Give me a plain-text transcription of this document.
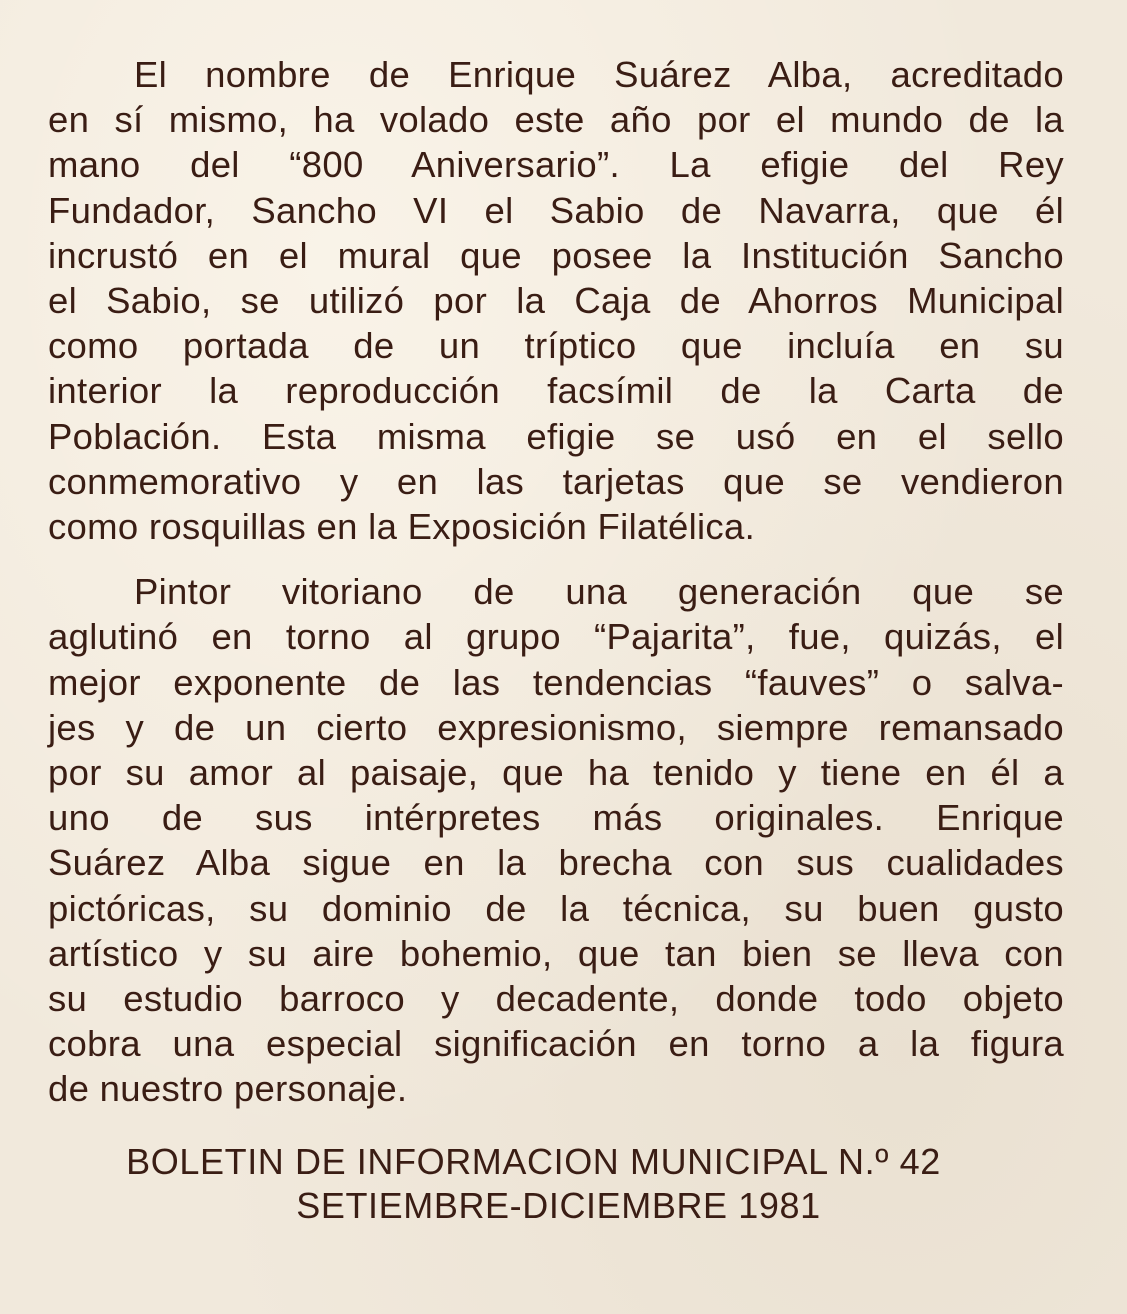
El nombre de Enrique Suárez Alba, acreditado
en sí mismo, ha volado este año por el mundo de la
mano del “800 Aniversario”. La efigie del Rey
Fundador, Sancho VI el Sabio de Navarra, que él
incrustó en el mural que posee la Institución Sancho
el Sabio, se utilizó por la Caja de Ahorros Municipal
como portada de un tríptico que incluía en su
interior la reproducción facsímil de la Carta de
Población. Esta misma efigie se usó en el sello
conmemorativo y en las tarjetas que se vendieron
como rosquillas en la Exposición Filatélica.

Pintor vitoriano de una generación que se
aglutinó en torno al grupo “Pajarita”, fue, quizás, el
mejor exponente de las tendencias “fauves” o salva-
jes y de un cierto expresionismo, siempre remansado
por su amor al paisaje, que ha tenido y tiene en él a
uno de sus intérpretes más originales. Enrique
Suárez Alba sigue en la brecha con sus cualidades
pictóricas, su dominio de la técnica, su buen gusto
artístico y su aire bohemio, que tan bien se lleva con
su estudio barroco y decadente, donde todo objeto
cobra una especial significación en torno a la figura
de nuestro personaje.

BOLETIN DE INFORMACION MUNICIPAL N.º 42
SETIEMBRE-DICIEMBRE 1981
